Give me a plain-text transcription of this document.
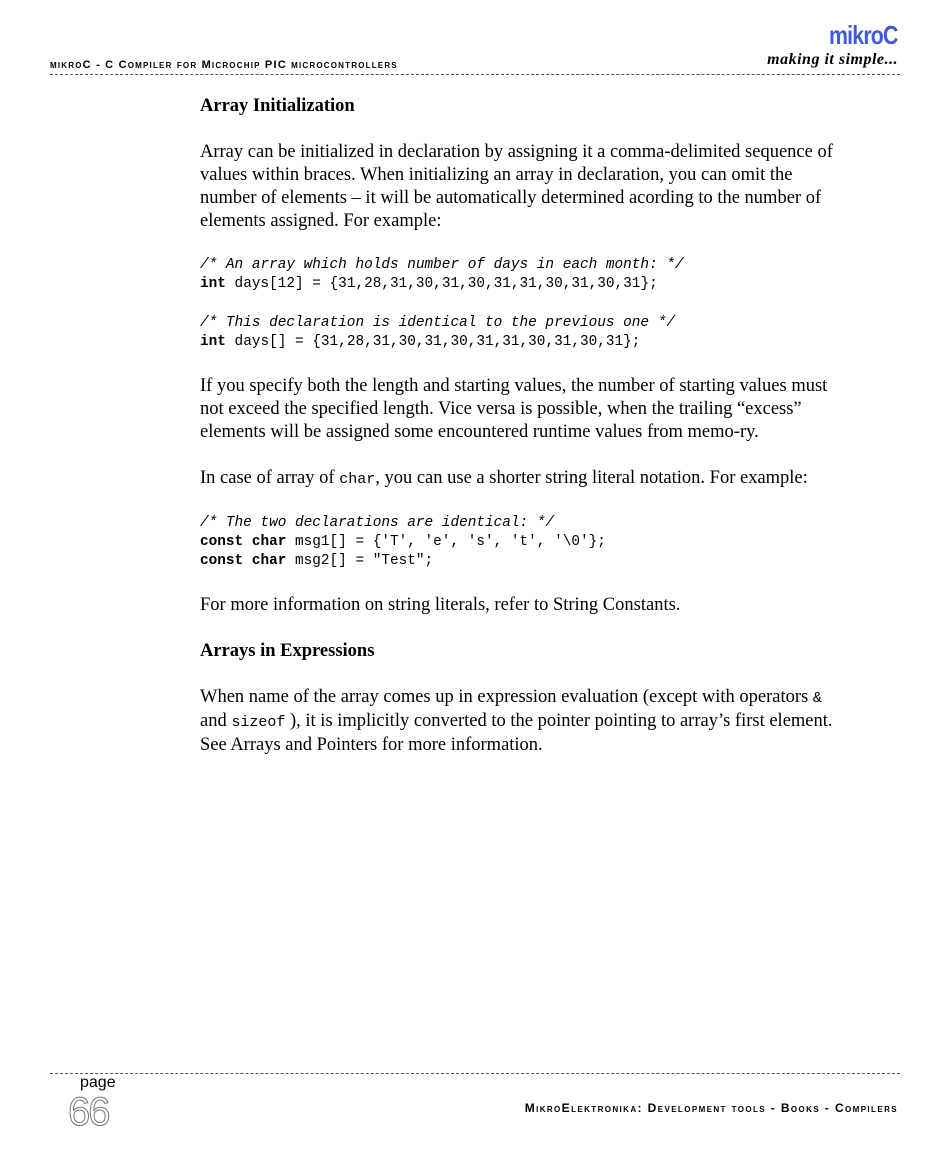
mikroC - C Compiler for Microchip PIC microcontrollers
mikroC
making it simple...
Array Initialization

Array can be initialized in declaration by assigning it a comma-delimited sequence of values within braces. When initializing an array in declaration, you can omit the number of elements – it will be automatically determined acording to the number of elements assigned. For example:

/* An array which holds number of days in each month: */
int days[12] = {31,28,31,30,31,30,31,31,30,31,30,31};

/* This declaration is identical to the previous one */
int days[] = {31,28,31,30,31,30,31,31,30,31,30,31};

If you specify both the length and starting values, the number of starting values must not exceed the specified length. Vice versa is possible, when the trailing “excess” elements will be assigned some encountered runtime values from memo-ry.

In case of array of char, you can use a shorter string literal notation. For example:

/* The two declarations are identical: */
const char msg1[] = {'T', 'e', 's', 't', '\0'};
const char msg2[] = "Test";

For more information on string literals, refer to String Constants.

Arrays in Expressions

When name of the array comes up in expression evaluation (except with operators & and sizeof ), it is implicitly converted to the pointer pointing to array’s first element. See Arrays and Pointers for more information.

page
66	MikroElektronika: Development tools - Books - Compilers
